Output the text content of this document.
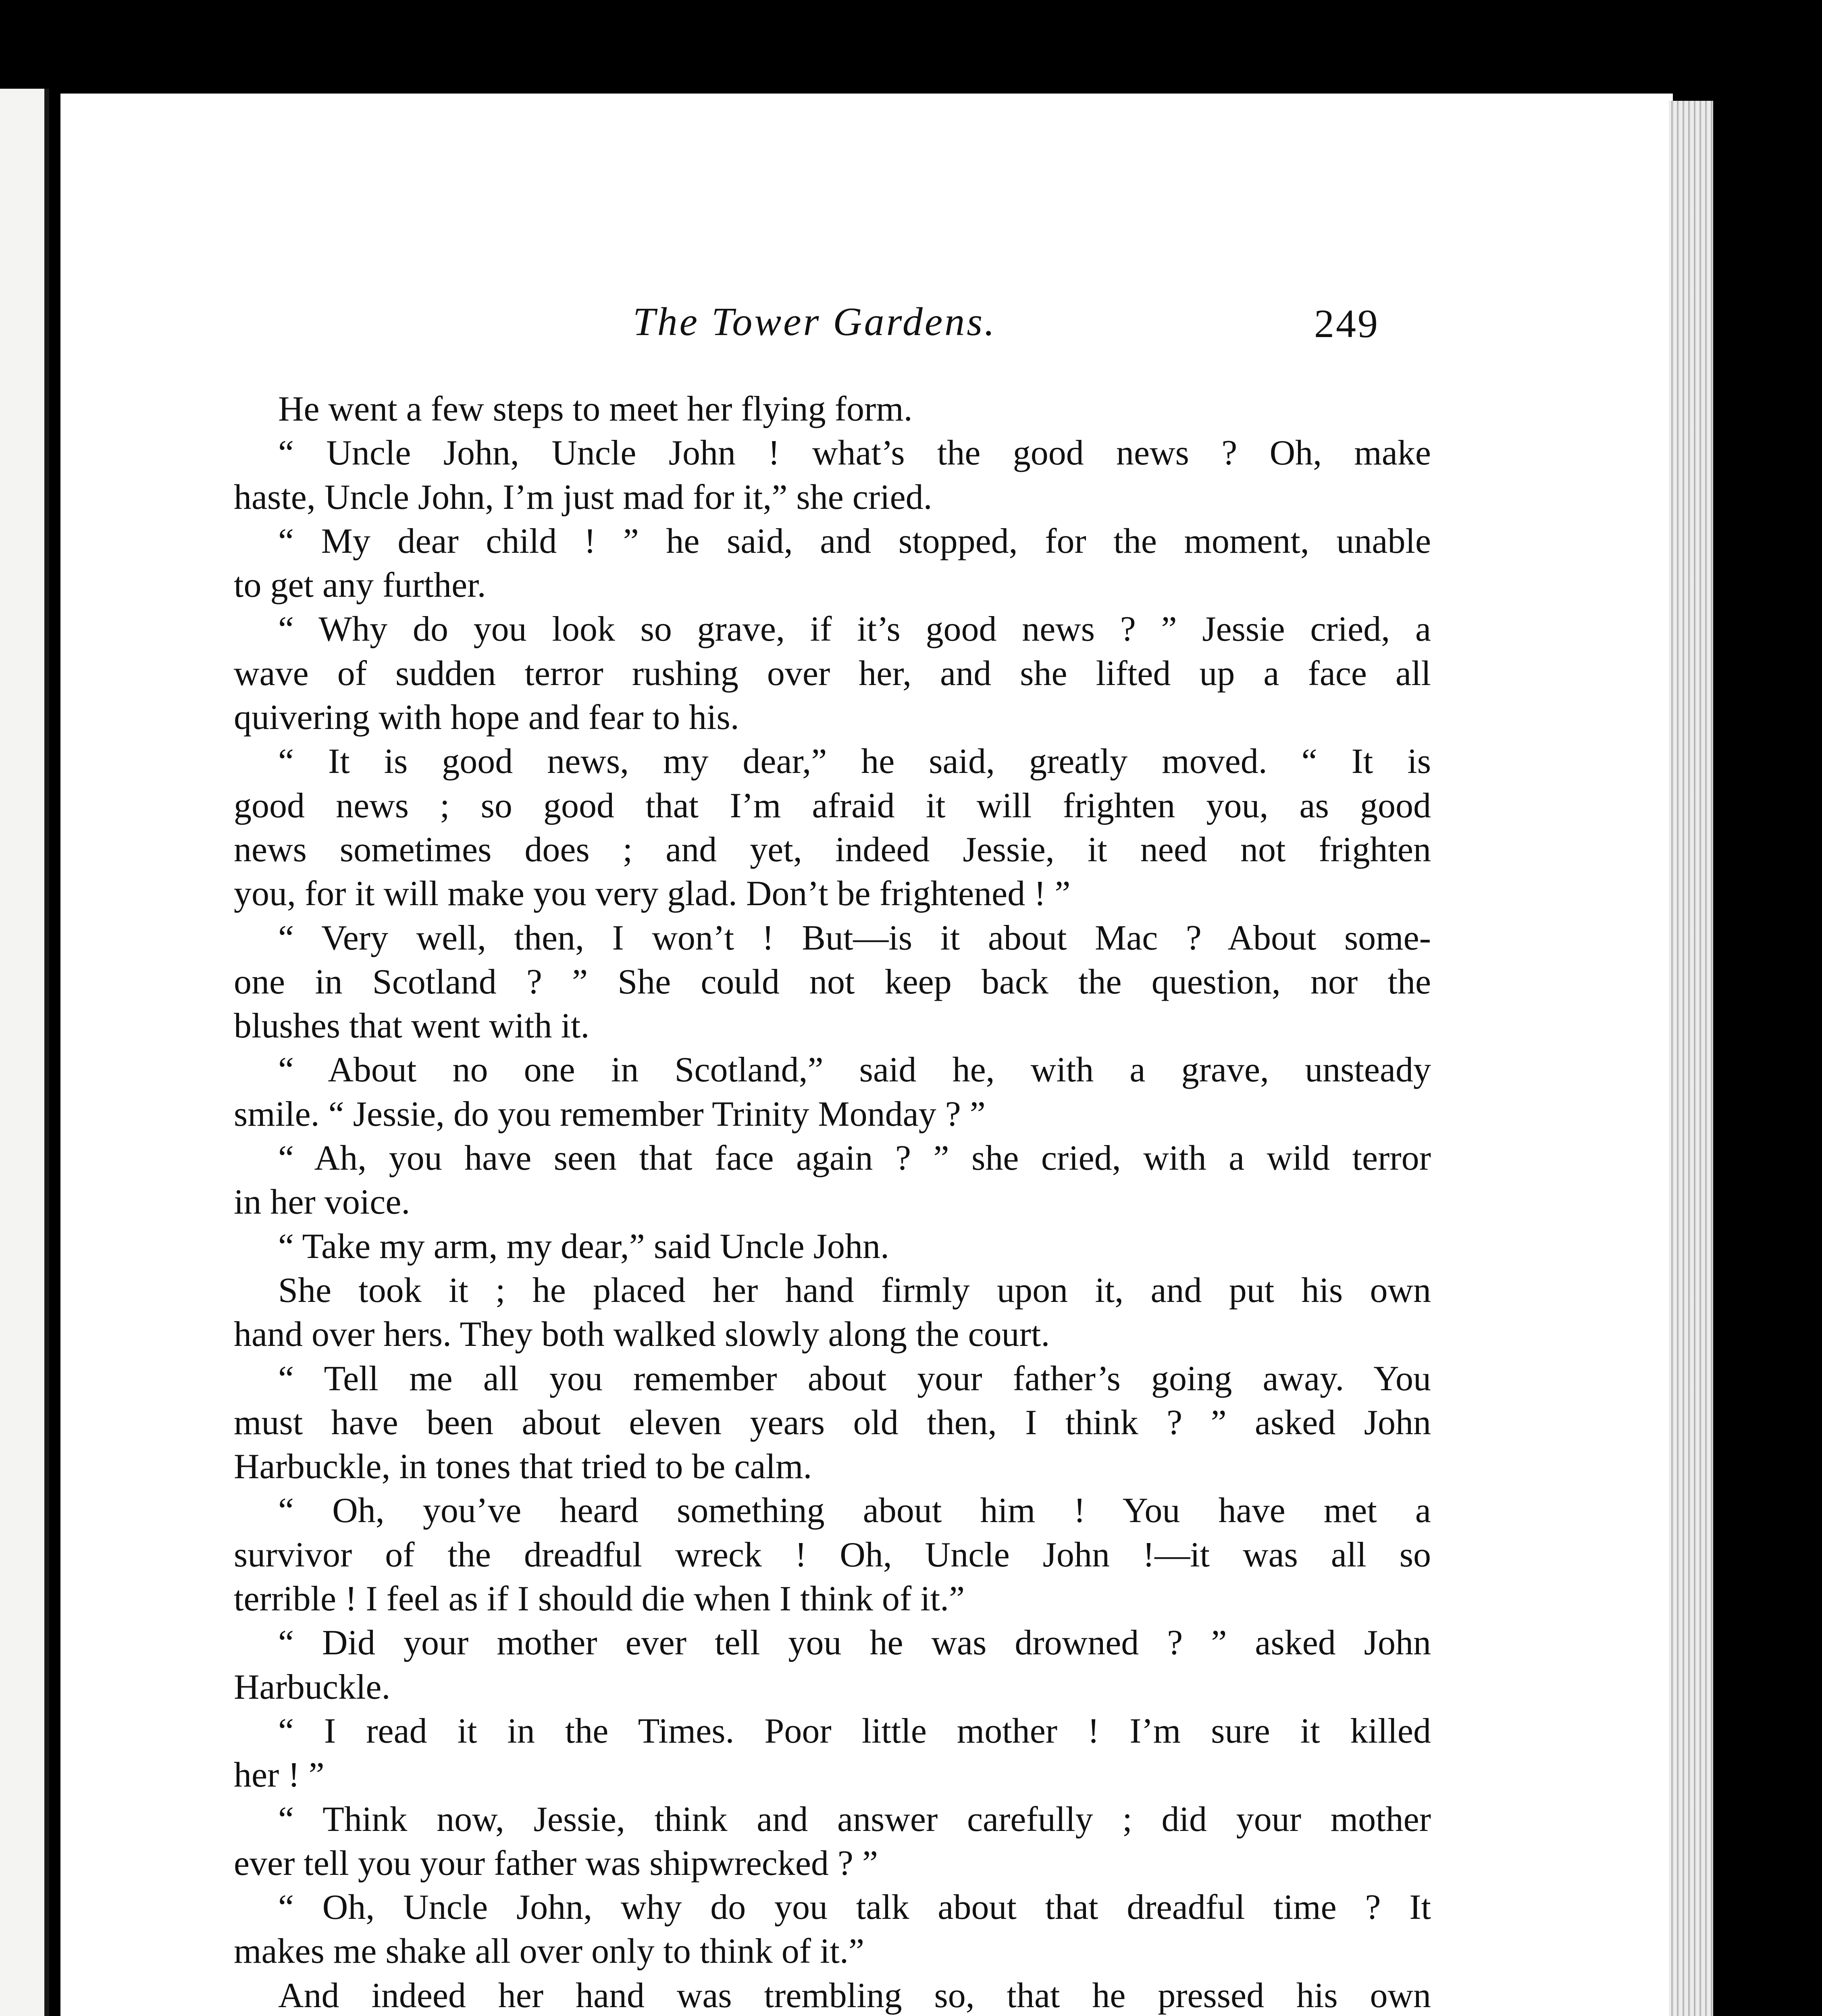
The Tower Gardens.	249
He went a few steps to meet her flying form.
“ Uncle John, Uncle John ! what’s the good news ? Oh, make
haste, Uncle John, I’m just mad for it,” she cried.
“ My dear child ! ” he said, and stopped, for the moment, unable
to get any further.
“ Why do you look so grave, if it’s good news ? ” Jessie cried, a
wave of sudden terror rushing over her, and she lifted up a face all
quivering with hope and fear to his.
“ It is good news, my dear,” he said, greatly moved. “ It is
good news ; so good that I’m afraid it will frighten you, as good
news sometimes does ; and yet, indeed Jessie, it need not frighten
you, for it will make you very glad. Don’t be frightened ! ”
“ Very well, then, I won’t ! But—is it about Mac ? About some-
one in Scotland ? ” She could not keep back the question, nor the
blushes that went with it.
“ About no one in Scotland,” said he, with a grave, unsteady
smile. “ Jessie, do you remember Trinity Monday ? ”
“ Ah, you have seen that face again ? ” she cried, with a wild terror
in her voice.
“ Take my arm, my dear,” said Uncle John.
She took it ; he placed her hand firmly upon it, and put his own
hand over hers. They both walked slowly along the court.
“ Tell me all you remember about your father’s going away. You
must have been about eleven years old then, I think ? ” asked John
Harbuckle, in tones that tried to be calm.
“ Oh, you’ve heard something about him ! You have met a
survivor of the dreadful wreck ! Oh, Uncle John !—it was all so
terrible ! I feel as if I should die when I think of it.”
“ Did your mother ever tell you he was drowned ? ” asked John
Harbuckle.
“ I read it in the Times. Poor little mother ! I’m sure it killed
her ! ”
“ Think now, Jessie, think and answer carefully ; did your mother
ever tell you your father was shipwrecked ? ”
“ Oh, Uncle John, why do you talk about that dreadful time ? It
makes me shake all over only to think of it.”
And indeed her hand was trembling so, that he pressed his own
